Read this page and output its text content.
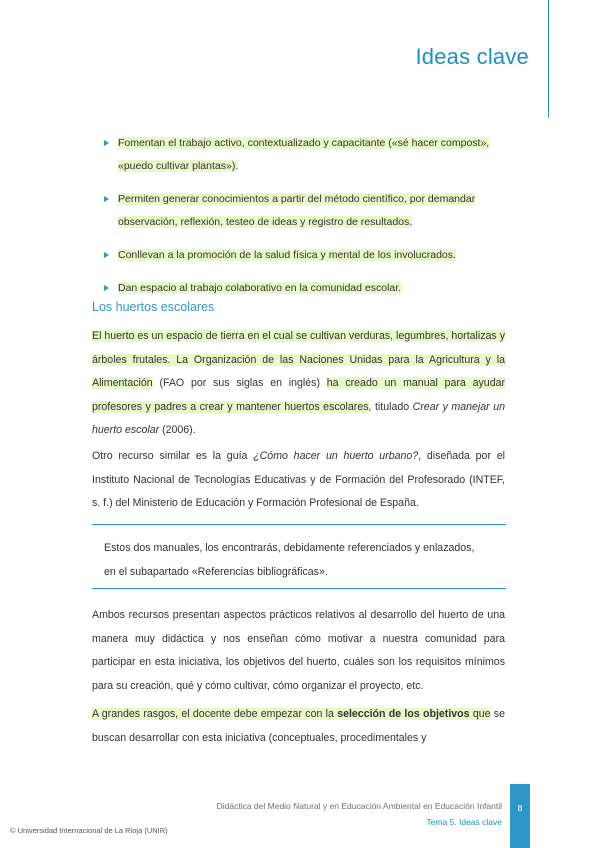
Ideas clave
Fomentan el trabajo activo, contextualizado y capacitante («sé hacer compost»,
«puedo cultivar plantas»).
Permiten generar conocimientos a partir del método científico, por demandar
observación, reflexión, testeo de ideas y registro de resultados.
Conllevan a la promoción de la salud física y mental de los involucrados.
Dan espacio al trabajo colaborativo en la comunidad escolar.
Los huertos escolares

El huerto es un espacio de tierra en el cual se cultivan verduras, legumbres, hortalizas y árboles frutales. La Organización de las Naciones Unidas para la Agricultura y la Alimentación (FAO por sus siglas en inglés) ha creado un manual para ayudar profesores y padres a crear y mantener huertos escolares, titulado Crear y manejar un huerto escolar (2006).

Otro recurso similar es la guía ¿Cómo hacer un huerto urbano?, diseñada por el Instituto Nacional de Tecnologías Educativas y de Formación del Profesorado (INTEF, s. f.) del Ministerio de Educación y Formación Profesional de España.

Estos dos manuales, los encontrarás, debidamente referenciados y enlazados,
en el subapartado «Referencias bibliográficas».

Ambos recursos presentan aspectos prácticos relativos al desarrollo del huerto de una manera muy didáctica y nos enseñan cómo motivar a nuestra comunidad para participar en esta iniciativa, los objetivos del huerto, cuáles son los requisitos mínimos para su creación, qué y cómo cultivar, cómo organizar el proyecto, etc.

A grandes rasgos, el docente debe empezar con la selección de los objetivos que se buscan desarrollar con esta iniciativa (conceptuales, procedimentales y

Didáctica del Medio Natural y en Educación Ambiental en Educación Infantil
Tema 5. Ideas clave
© Universidad Internacional de La Rioja (UNIR)
8
